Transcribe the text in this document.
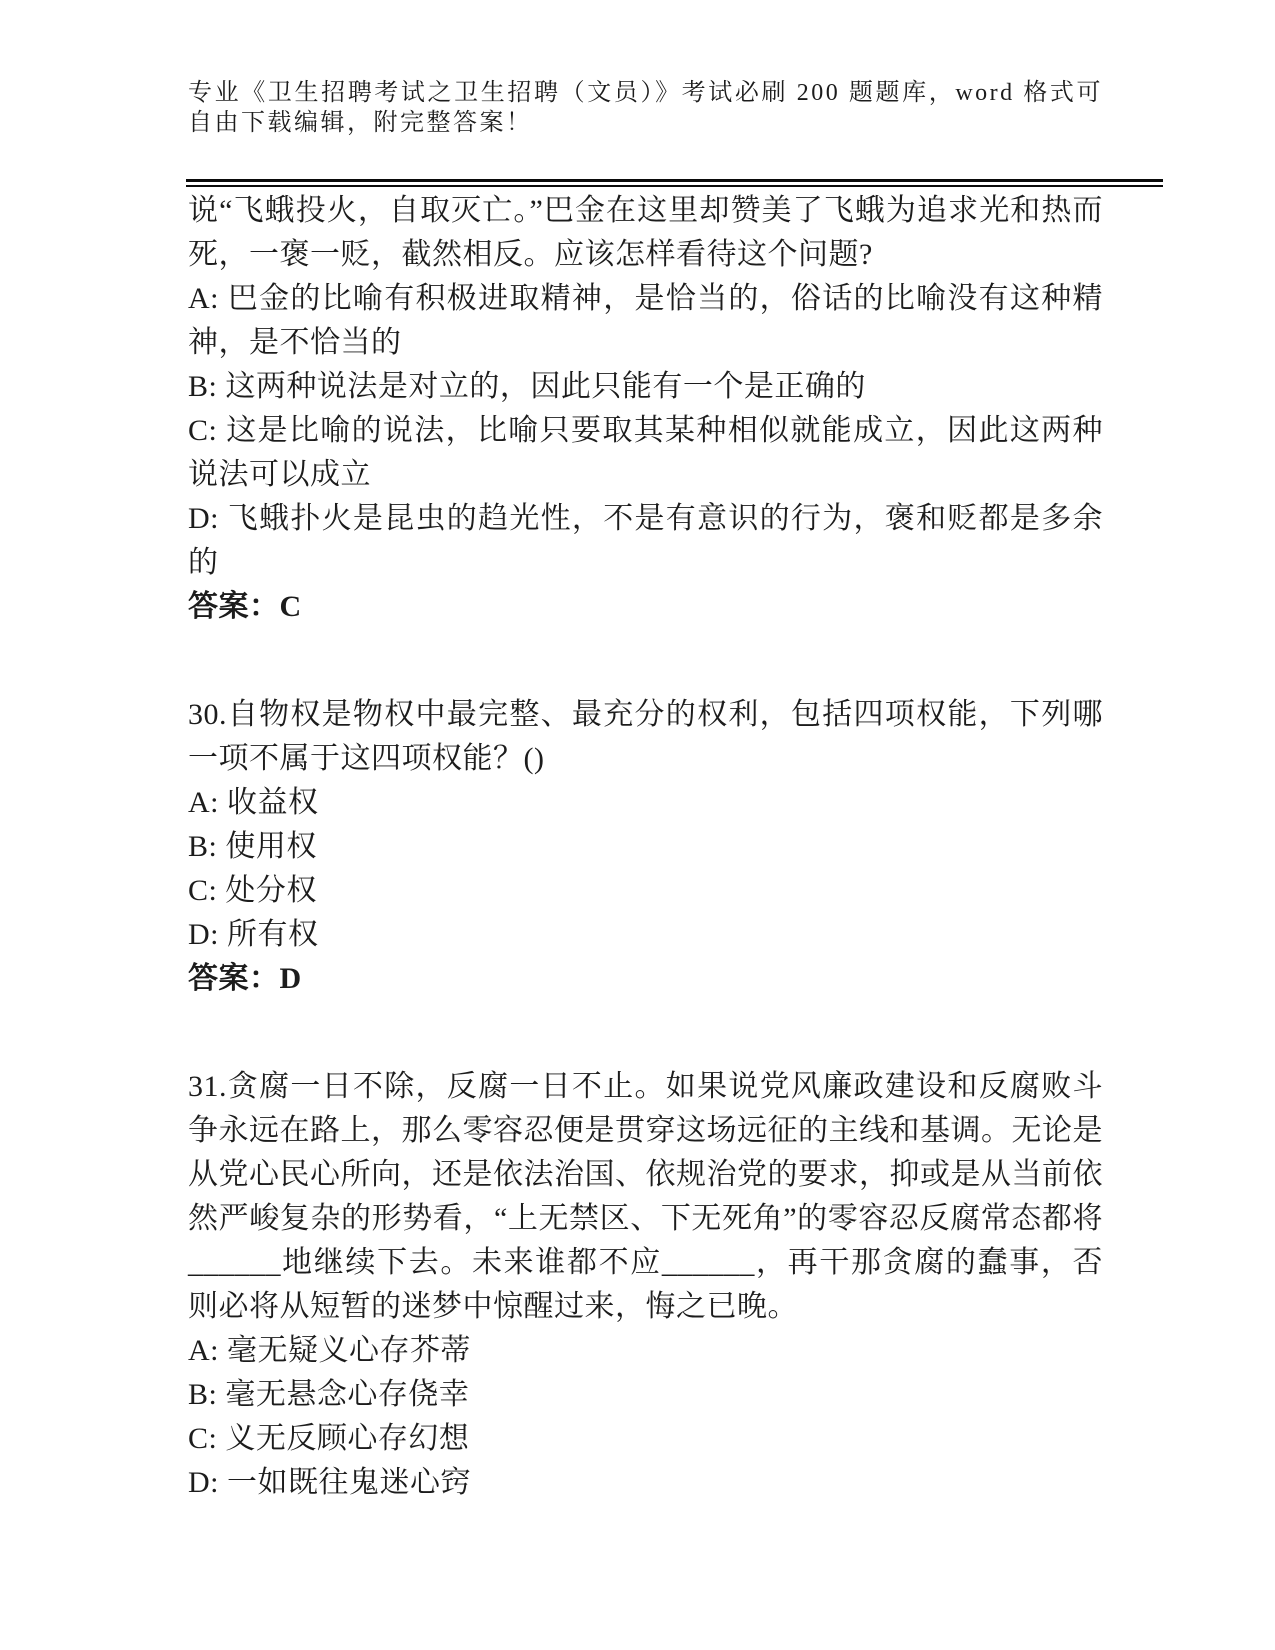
专业《卫生招聘考试之卫生招聘（文员）》考试必刷 200 题题库，word 格式可自由下载编辑，附完整答案！

说“飞蛾投火，自取灭亡。”巴金在这里却赞美了飞蛾为追求光和热而死，一褒一贬，截然相反。应该怎样看待这个问题?

A: 巴金的比喻有积极进取精神，是恰当的，俗话的比喻没有这种精神，是不恰当的

B: 这两种说法是对立的，因此只能有一个是正确的

C: 这是比喻的说法，比喻只要取其某种相似就能成立，因此这两种说法可以成立

D: 飞蛾扑火是昆虫的趋光性，不是有意识的行为，褒和贬都是多余的

答案：C

30.自物权是物权中最完整、最充分的权利，包括四项权能，下列哪一项不属于这四项权能？()

A: 收益权

B: 使用权

C: 处分权

D: 所有权

答案：D

31.贪腐一日不除，反腐一日不止。如果说党风廉政建设和反腐败斗争永远在路上，那么零容忍便是贯穿这场远征的主线和基调。无论是从党心民心所向，还是依法治国、依规治党的要求，抑或是从当前依然严峻复杂的形势看，“上无禁区、下无死角”的零容忍反腐常态都将______地继续下去。未来谁都不应______，再干那贪腐的蠢事，否则必将从短暂的迷梦中惊醒过来，悔之已晚。

A: 毫无疑义心存芥蒂

B: 毫无悬念心存侥幸

C: 义无反顾心存幻想

D: 一如既往鬼迷心窍
